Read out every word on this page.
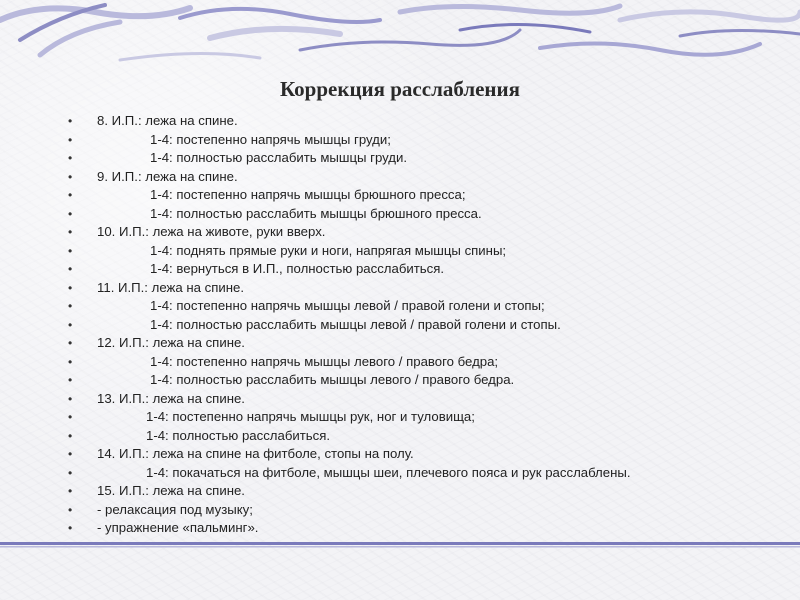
Коррекция расслабления
• 8. И.П.: лежа на спине.
•	1-4: постепенно напрячь мышцы груди;
•	1-4: полностью расслабить мышцы груди.
• 9. И.П.: лежа на спине.
•	1-4: постепенно напрячь мышцы брюшного пресса;
•	1-4: полностью расслабить мышцы брюшного пресса.
• 10. И.П.: лежа на животе, руки вверх.
•	1-4: поднять прямые руки и ноги, напрягая мышцы спины;
•	1-4: вернуться в И.П., полностью расслабиться.
• 11. И.П.: лежа на спине.
•	1-4: постепенно напрячь мышцы левой / правой голени и стопы;
•	1-4: полностью расслабить мышцы левой / правой голени и стопы.
• 12. И.П.: лежа на спине.
•	1-4: постепенно напрячь мышцы левого / правого бедра;
•	1-4: полностью расслабить мышцы левого / правого бедра.
• 13. И.П.: лежа на спине.
•	1-4: постепенно напрячь мышцы рук, ног и туловища;
•	1-4: полностью расслабиться.
• 14. И.П.: лежа на спине на фитболе, стопы на полу.
•	1-4: покачаться на фитболе, мышцы шеи, плечевого пояса и рук расслаблены.
• 15. И.П.: лежа на спине.
• - релаксация под музыку;
• - упражнение «пальминг».
